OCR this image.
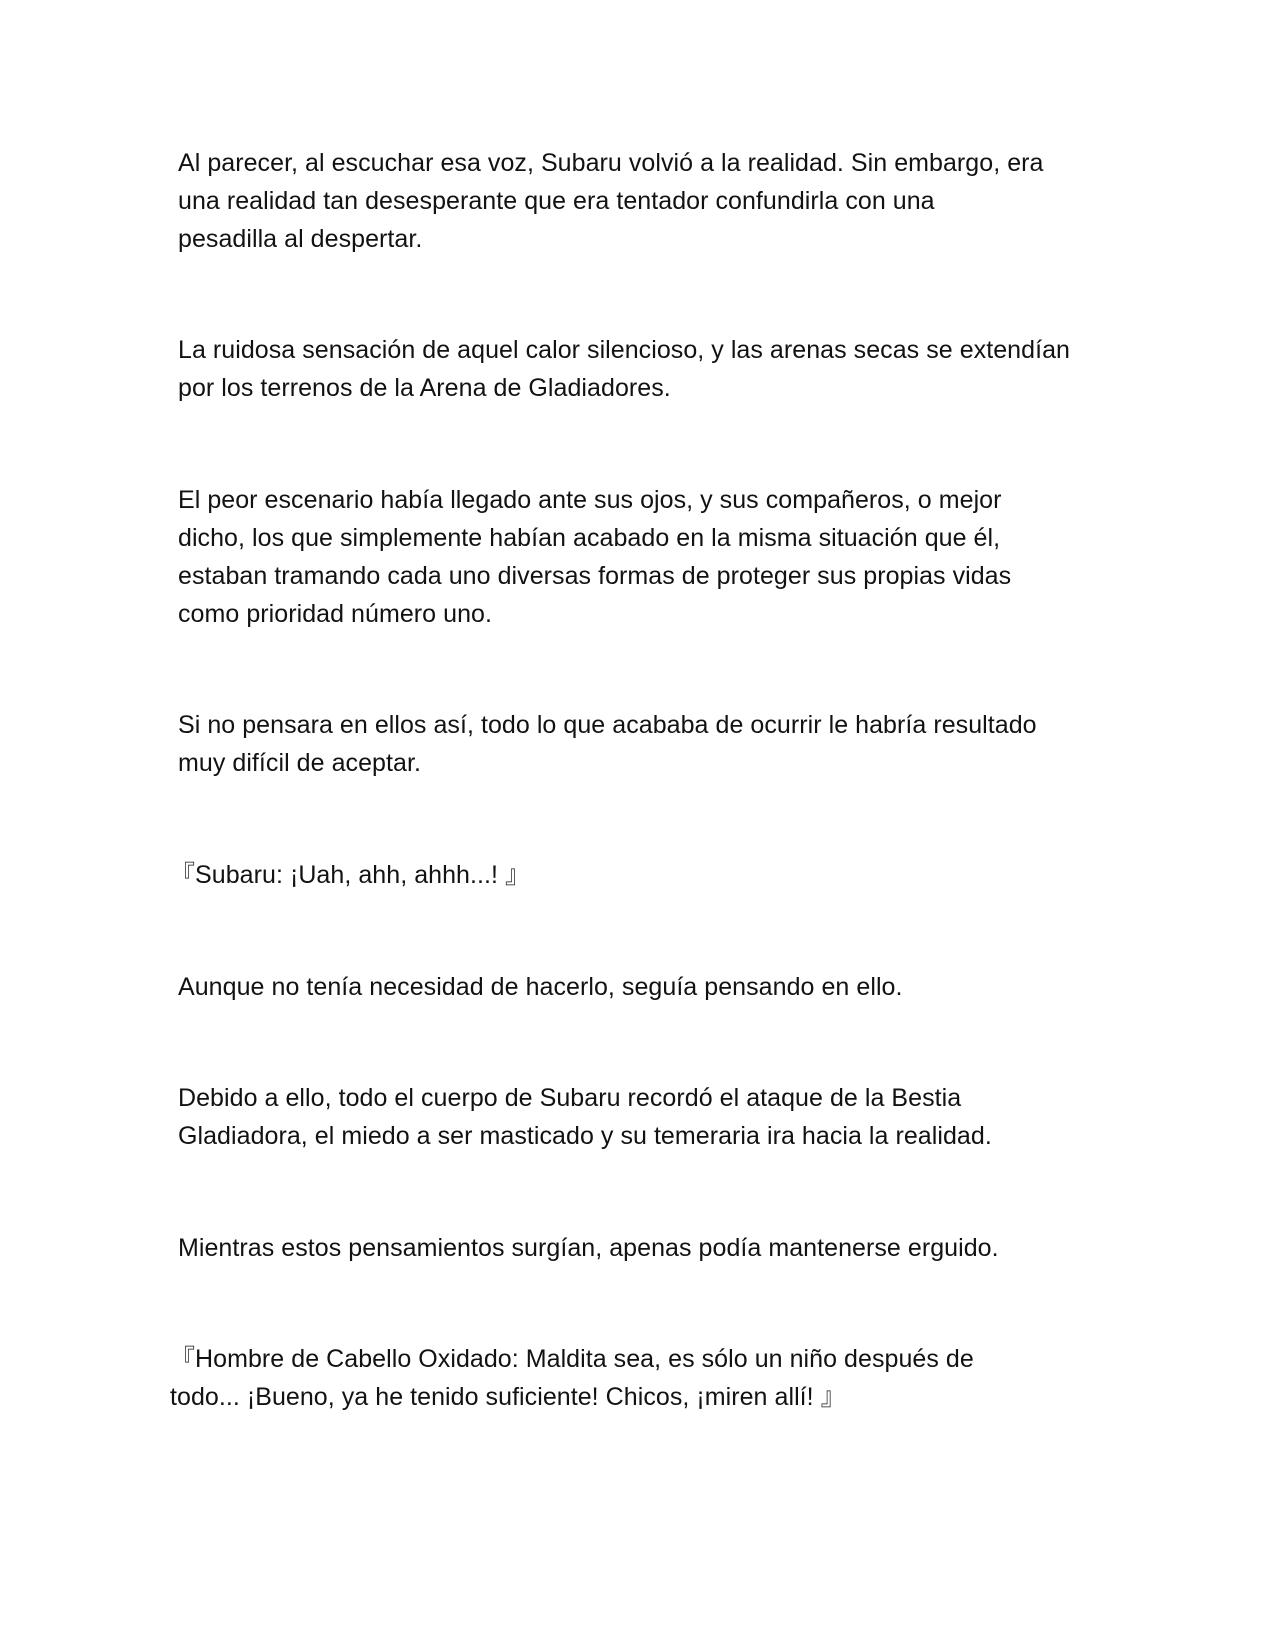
Al parecer, al escuchar esa voz, Subaru volvió a la realidad. Sin embargo, era
una realidad tan desesperante que era tentador confundirla con una
pesadilla al despertar.

La ruidosa sensación de aquel calor silencioso, y las arenas secas se extendían
por los terrenos de la Arena de Gladiadores.

El peor escenario había llegado ante sus ojos, y sus compañeros, o mejor
dicho, los que simplemente habían acabado en la misma situación que él,
estaban tramando cada uno diversas formas de proteger sus propias vidas
como prioridad número uno.

Si no pensara en ellos así, todo lo que acababa de ocurrir le habría resultado
muy difícil de aceptar.

『Subaru: ¡Uah, ahh, ahhh...! 』

Aunque no tenía necesidad de hacerlo, seguía pensando en ello.

Debido a ello, todo el cuerpo de Subaru recordó el ataque de la Bestia
Gladiadora, el miedo a ser masticado y su temeraria ira hacia la realidad.

Mientras estos pensamientos surgían, apenas podía mantenerse erguido.

『Hombre de Cabello Oxidado: Maldita sea, es sólo un niño después de
todo... ¡Bueno, ya he tenido suficiente! Chicos, ¡miren allí! 』
